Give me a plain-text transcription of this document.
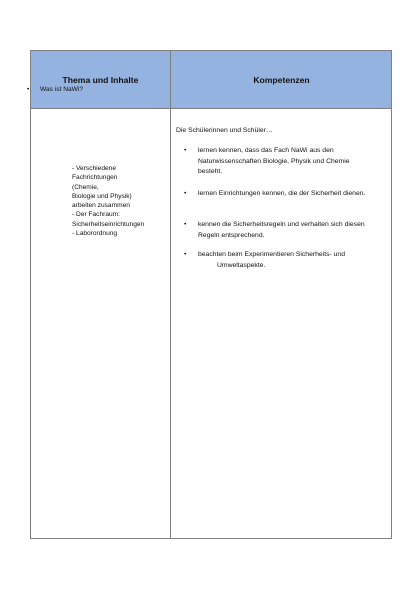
Thema und Inhalte	Kompetenzen
• Was ist NaWi?

- Verschiedene

Fachrichtungen (Chemie,

Biologie und Physik)

arbeiten zusammen

- Der Fachraum:

Sicherheitseinrichtungen

- Laborordnung

Die Schülerinnen und Schüler…
• lernen kennen, dass das Fach NaWi aus den Naturwissenschaften Biologie, Physik und Chemie besteht.
• lernen Einrichtungen kennen, die der Sicherheit dienen.
• kennen die Sicherheitsregeln und verhalten sich diesen Regeln entsprechend.
• beachten beim Experimentieren Sicherheits- und
Umweltaspekte.
